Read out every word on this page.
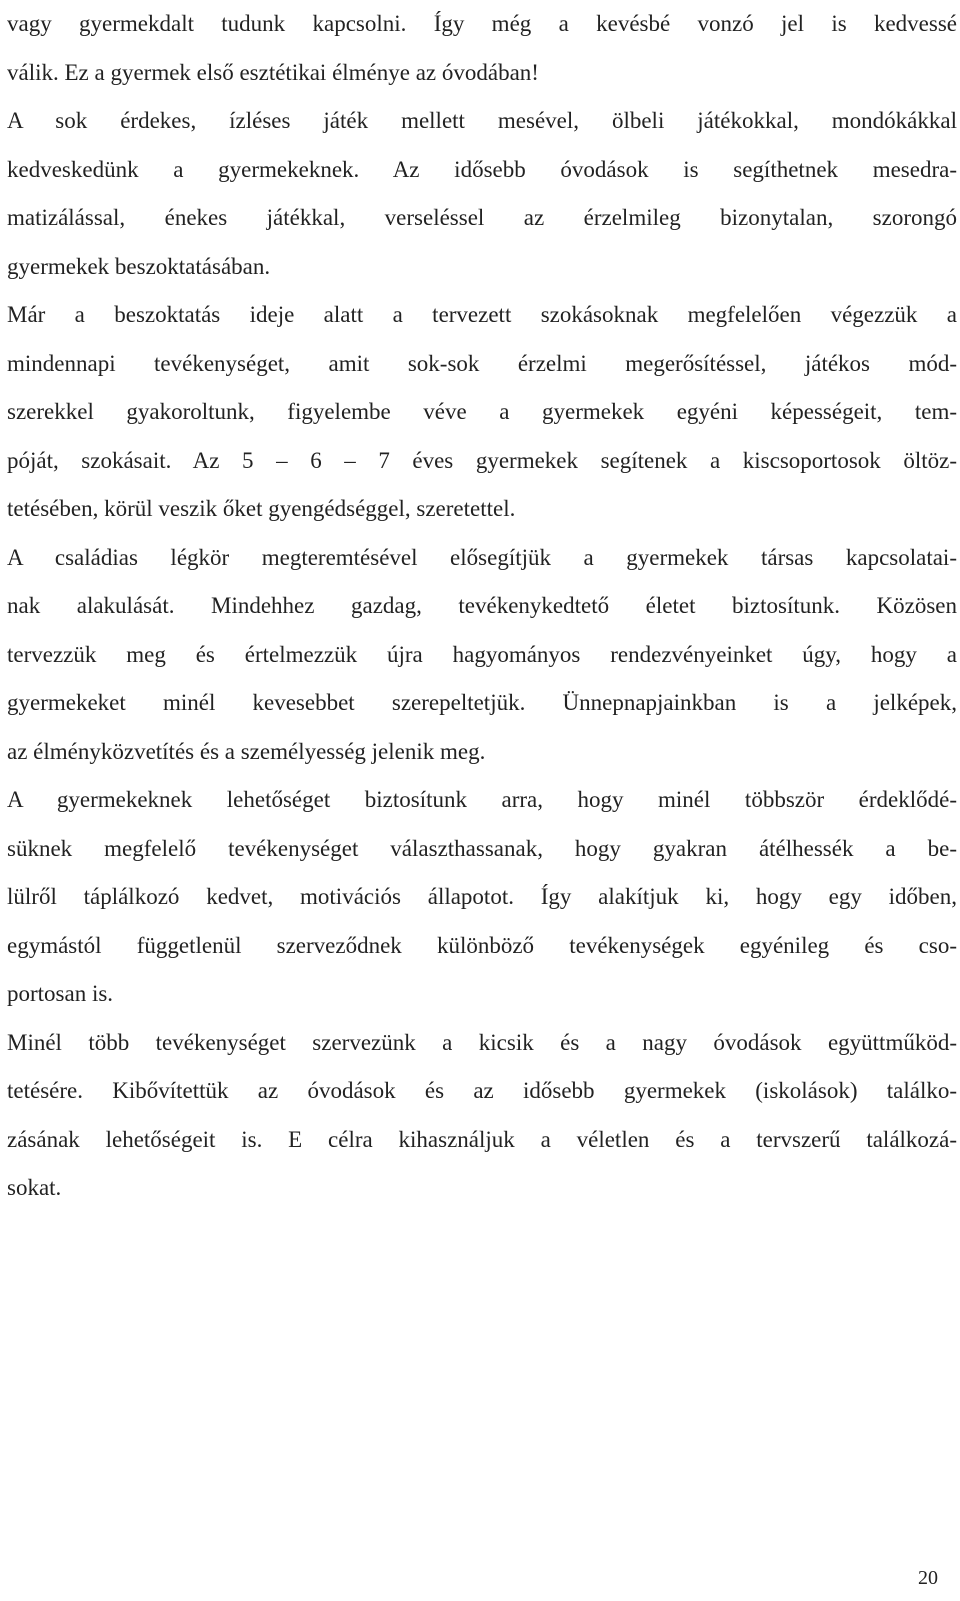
vagy gyermekdalt tudunk kapcsolni. Így még a kevésbé vonzó jel is kedvessé
válik. Ez a gyermek első esztétikai élménye az óvodában!
A sok érdekes, ízléses játék mellett mesével, ölbeli játékokkal, mondókákkal
kedveskedünk a gyermekeknek. Az idősebb óvodások is segíthetnek mesedra-
matizálással, énekes játékkal, verseléssel az érzelmileg bizonytalan, szorongó
gyermekek beszoktatásában.
Már a beszoktatás ideje alatt a tervezett szokásoknak megfelelően végezzük a
mindennapi tevékenységet, amit sok-sok érzelmi megerősítéssel, játékos mód-
szerekkel gyakoroltunk, figyelembe véve a gyermekek egyéni képességeit, tem-
póját, szokásait. Az 5 – 6 – 7 éves gyermekek segítenek a kiscsoportosok öltöz-
tetésében, körül veszik őket gyengédséggel, szeretettel.
A családias légkör megteremtésével elősegítjük a gyermekek társas kapcsolatai-
nak alakulását. Mindehhez gazdag, tevékenykedtető életet biztosítunk. Közösen
tervezzük meg és értelmezzük újra hagyományos rendezvényeinket úgy, hogy a
gyermekeket minél kevesebbet szerepeltetjük. Ünnepnapjainkban is a jelképek,
az élményközvetítés és a személyesség jelenik meg.
A gyermekeknek lehetőséget biztosítunk arra, hogy minél többször érdeklődé-
süknek megfelelő tevékenységet választhassanak, hogy gyakran átélhessék a be-
lülről táplálkozó kedvet, motivációs állapotot. Így alakítjuk ki, hogy egy időben,
egymástól függetlenül szerveződnek különböző tevékenységek egyénileg és cso-
portosan is.
Minél több tevékenységet szervezünk a kicsik és a nagy óvodások együttműköd-
tetésére. Kibővítettük az óvodások és az idősebb gyermekek (iskolások) találko-
zásának lehetőségeit is. E célra kihasználjuk a véletlen és a tervszerű találkozá-
sokat.
20
